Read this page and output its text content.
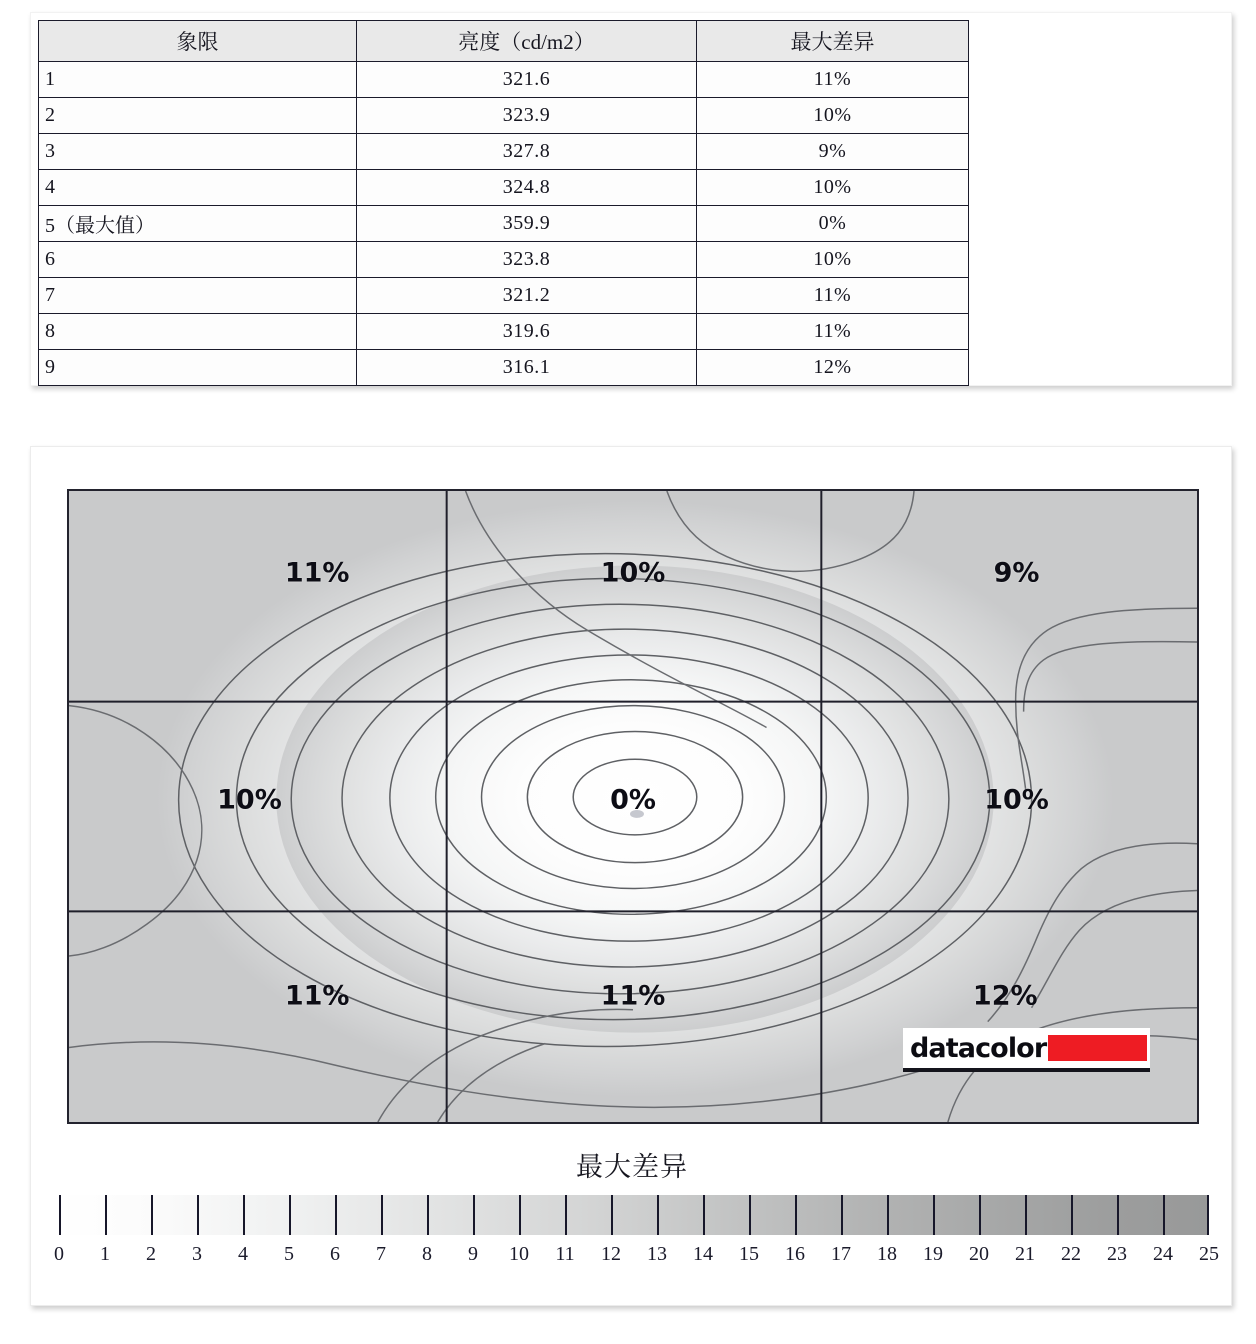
象限	亮度（cd/m2）	最大差异
1	321.6	11%
2	323.9	10%
3	327.8	9%
4	324.8	10%
5（最大值）	359.9	0%
6	323.8	10%
7	321.2	11%
8	319.6	11%
9	316.1	12%
11%	10%	9%
10%	0%	10%
11%	11%	12%
datacolor
最大差异
0 1 2 3 4 5 6 7 8 9 10 11 12 13 14 15 16 17 18 19 20 21 22 23 24 25
